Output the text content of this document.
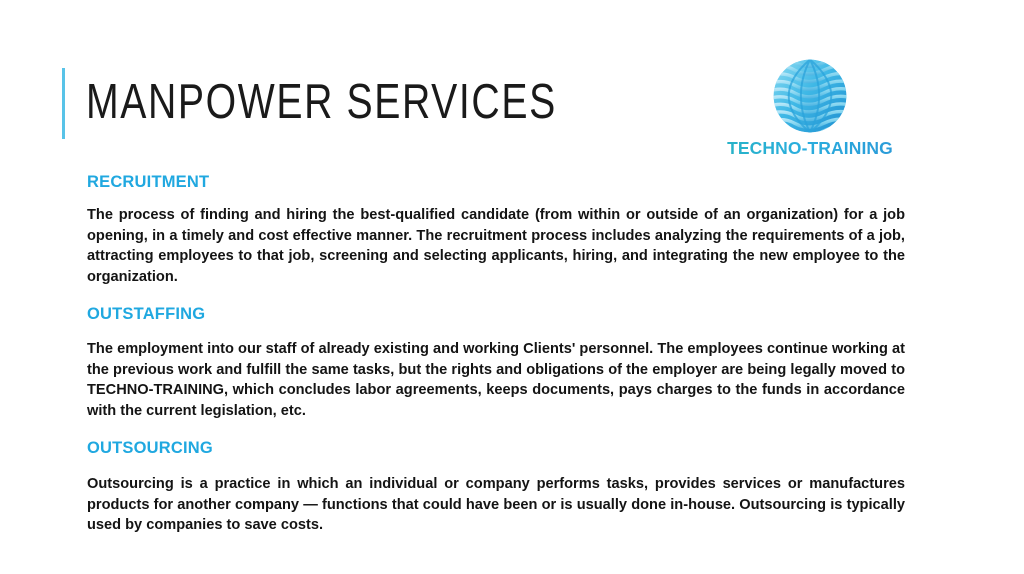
MANPOWER SERVICES
TECHNO-TRAINING
RECRUITMENT

The process of finding and hiring the best-qualified candidate (from within or outside of an organization) for a job opening, in a timely and cost effective manner. The recruitment process includes analyzing the requirements of a job, attracting employees to that job, screening and selecting applicants, hiring, and integrating the new employee to the organization.

OUTSTAFFING

The employment into our staff of already existing and working Clients' personnel. The employees continue working at the previous work and fulfill the same tasks, but the rights and obligations of the employer are being legally moved to TECHNO-TRAINING, which concludes labor agreements, keeps documents, pays charges to the funds in accordance with the current legislation, etc.

OUTSOURCING

Outsourcing is a practice in which an individual or company performs tasks, provides services or manufactures products for another company — functions that could have been or is usually done in-house. Outsourcing is typically used by companies to save costs.
